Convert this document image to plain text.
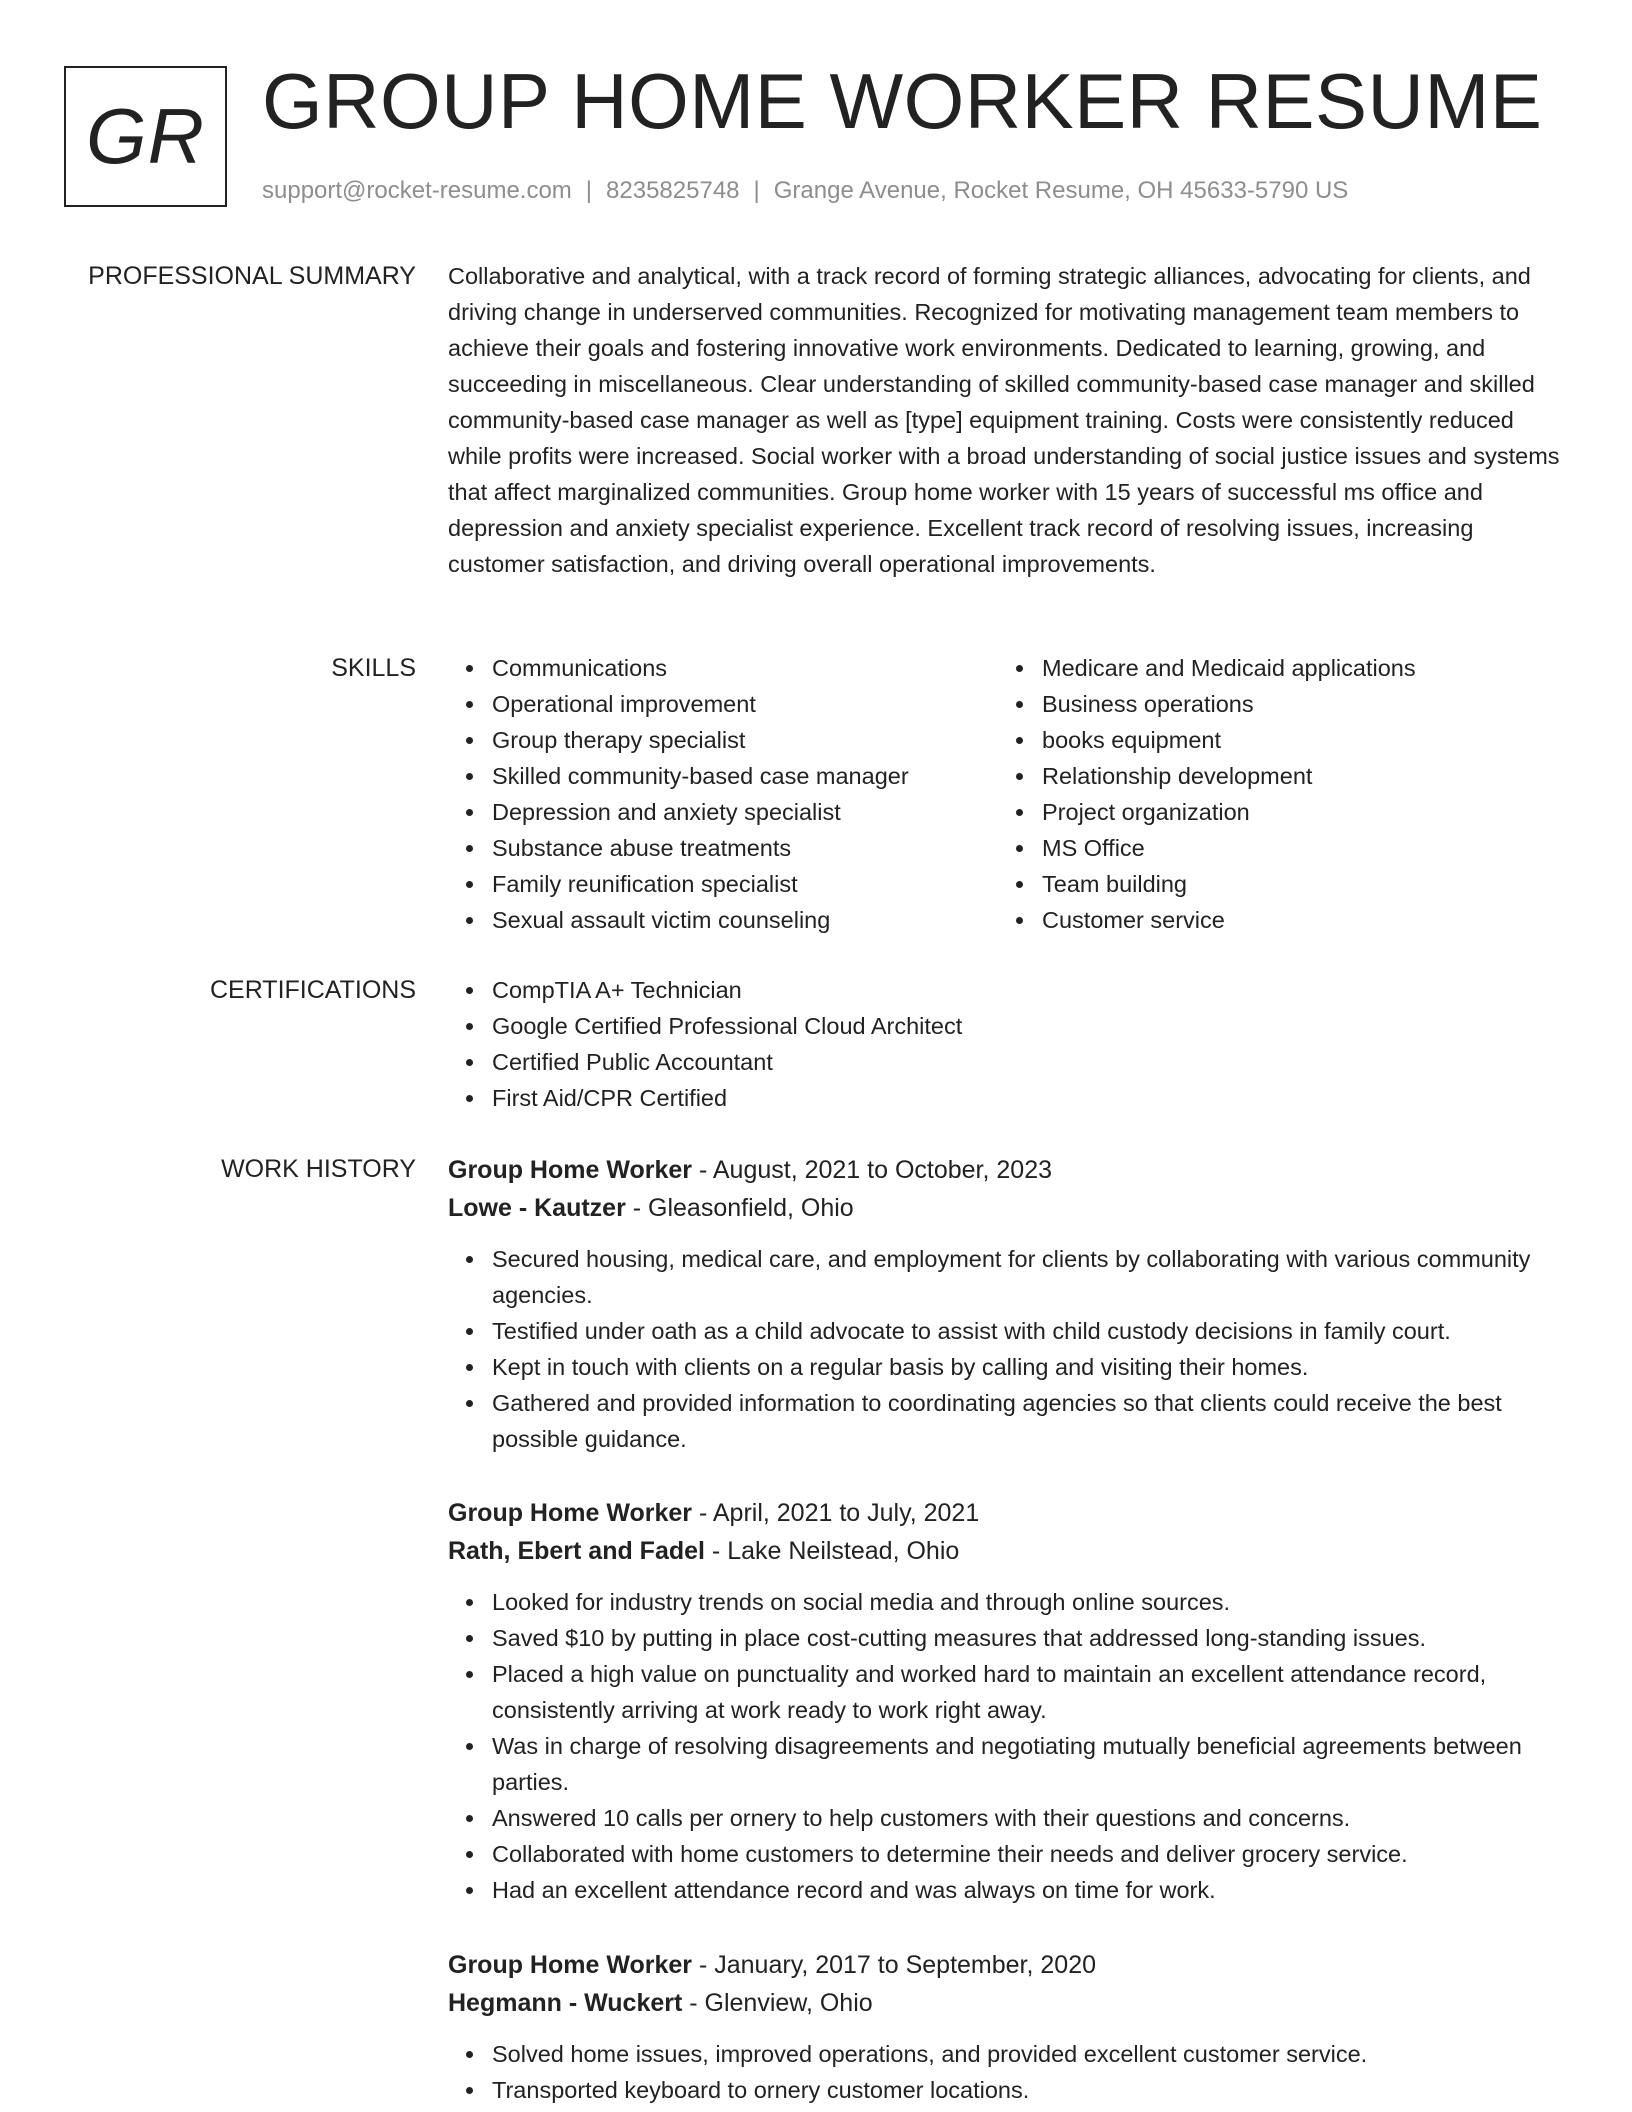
GR GROUP HOME WORKER RESUME
support@rocket-resume.com | 8235825748 | Grange Avenue, Rocket Resume, OH 45633-5790 US
PROFESSIONAL SUMMARY Collaborative and analytical, with a track record of forming strategic alliances, advocating for clients, and driving change in underserved communities. Recognized for motivating management team members to achieve their goals and fostering innovative work environments. Dedicated to learning, growing, and succeeding in miscellaneous. Clear understanding of skilled community-based case manager and skilled community-based case manager as well as [type] equipment training. Costs were consistently reduced while profits were increased. Social worker with a broad understanding of social justice issues and systems that affect marginalized communities. Group home worker with 15 years of successful ms office and depression and anxiety specialist experience. Excellent track record of resolving issues, increasing customer satisfaction, and driving overall operational improvements.
SKILLS	Communications
Operational improvement
Group therapy specialist
Skilled community-based case manager
Depression and anxiety specialist
Substance abuse treatments
Family reunification specialist
Sexual assault victim counseling
Medicare and Medicaid applications
Business operations
books equipment
Relationship development
Project organization
MS Office
Team building
Customer service
CERTIFICATIONS	CompTIA A+ Technician
Google Certified Professional Cloud Architect
Certified Public Accountant
First Aid/CPR Certified
WORK HISTORY Group Home Worker - August, 2021 to October, 2023
Lowe - Kautzer - Gleasonfield, Ohio
Secured housing, medical care, and employment for clients by collaborating with various community agencies.
Testified under oath as a child advocate to assist with child custody decisions in family court.
Kept in touch with clients on a regular basis by calling and visiting their homes.
Gathered and provided information to coordinating agencies so that clients could receive the best possible guidance.
Group Home Worker - April, 2021 to July, 2021
Rath, Ebert and Fadel - Lake Neilstead, Ohio
Looked for industry trends on social media and through online sources.
Saved $10 by putting in place cost-cutting measures that addressed long-standing issues.
Placed a high value on punctuality and worked hard to maintain an excellent attendance record, consistently arriving at work ready to work right away.
Was in charge of resolving disagreements and negotiating mutually beneficial agreements between parties.
Answered 10 calls per ornery to help customers with their questions and concerns.
Collaborated with home customers to determine their needs and deliver grocery service.
Had an excellent attendance record and was always on time for work.
Group Home Worker - January, 2017 to September, 2020
Hegmann - Wuckert - Glenview, Ohio
Solved home issues, improved operations, and provided excellent customer service.
Transported keyboard to ornery customer locations.
